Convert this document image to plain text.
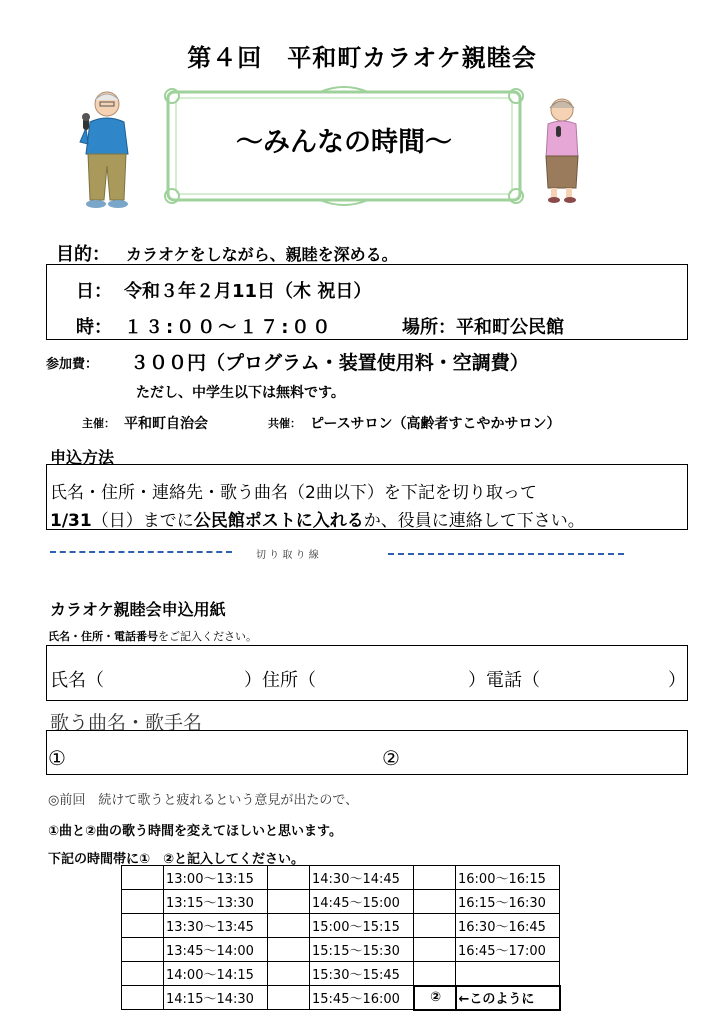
第４回　平和町カラオケ親睦会
～みんなの時間～
目的： カラオケをしながら、親睦を深める。
日： 令和３年２月11日（木 祝日）
時： １３:００～１７:００	場所：平和町公民館
参加費： ３００円（プログラム・装置使用料・空調費）
ただし、中学生以下は無料です。
主催： 平和町自治会	共催： ピースサロン（高齢者すこやかサロン）
申込方法
氏名・住所・連絡先・歌う曲名（2曲以下）を下記を切り取って
1/31（日）までに公民館ポストに入れるか、役員に連絡して下さい。
切 り 取 り 線
カラオケ親睦会申込用紙
氏名・住所・電話番号をご記入ください。
氏名（	）住所（	）電話（	）
歌う曲名・歌手名
①	②
◎前回　続けて歌うと疲れるという意見が出たので、
①曲と②曲の歌う時間を変えてほしいと思います。
下記の時間帯に①　②と記入してください。
	13:00～13:15		14:30～14:45		16:00～16:15
	13:15～13:30		14:45～15:00		16:15～16:30
	13:30～13:45		15:00～15:15		16:30～16:45
	13:45～14:00		15:15～15:30		16:45～17:00
	14:00～14:15		15:30～15:45		
	14:15～14:30		15:45～16:00	②	←このように
